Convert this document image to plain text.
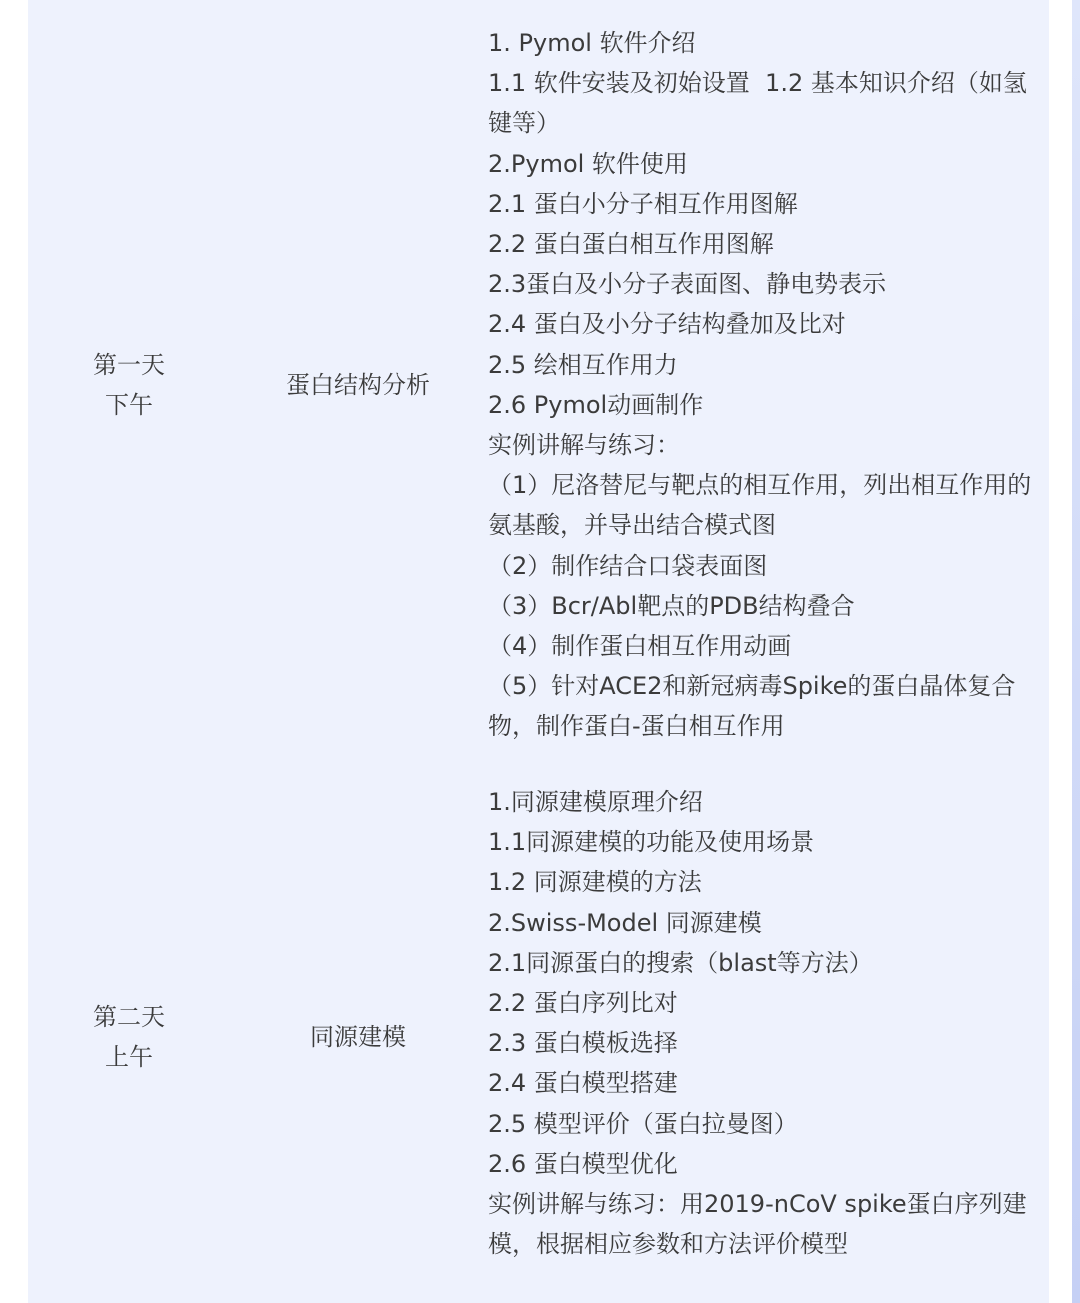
第一天
下午
蛋白结构分析
1. Pymol 软件介绍
1.1 软件安装及初始设置  1.2 基本知识介绍（如氢键等）
2.Pymol 软件使用
2.1 蛋白小分子相互作用图解
2.2 蛋白蛋白相互作用图解
2.3蛋白及小分子表面图、静电势表示
2.4 蛋白及小分子结构叠加及比对
2.5 绘相互作用力
2.6 Pymol动画制作
实例讲解与练习：
（1）尼洛替尼与靶点的相互作用，列出相互作用的氨基酸，并导出结合模式图
（2）制作结合口袋表面图
（3）Bcr/Abl靶点的PDB结构叠合
（4）制作蛋白相互作用动画
（5）针对ACE2和新冠病毒Spike的蛋白晶体复合物，制作蛋白-蛋白相互作用
第二天
上午
同源建模
1.同源建模原理介绍
1.1同源建模的功能及使用场景
1.2 同源建模的方法
2.Swiss-Model 同源建模
2.1同源蛋白的搜索（blast等方法）
2.2 蛋白序列比对
2.3 蛋白模板选择
2.4 蛋白模型搭建
2.5 模型评价（蛋白拉曼图）
2.6 蛋白模型优化
实例讲解与练习：用2019-nCoV spike蛋白序列建模，根据相应参数和方法评价模型
